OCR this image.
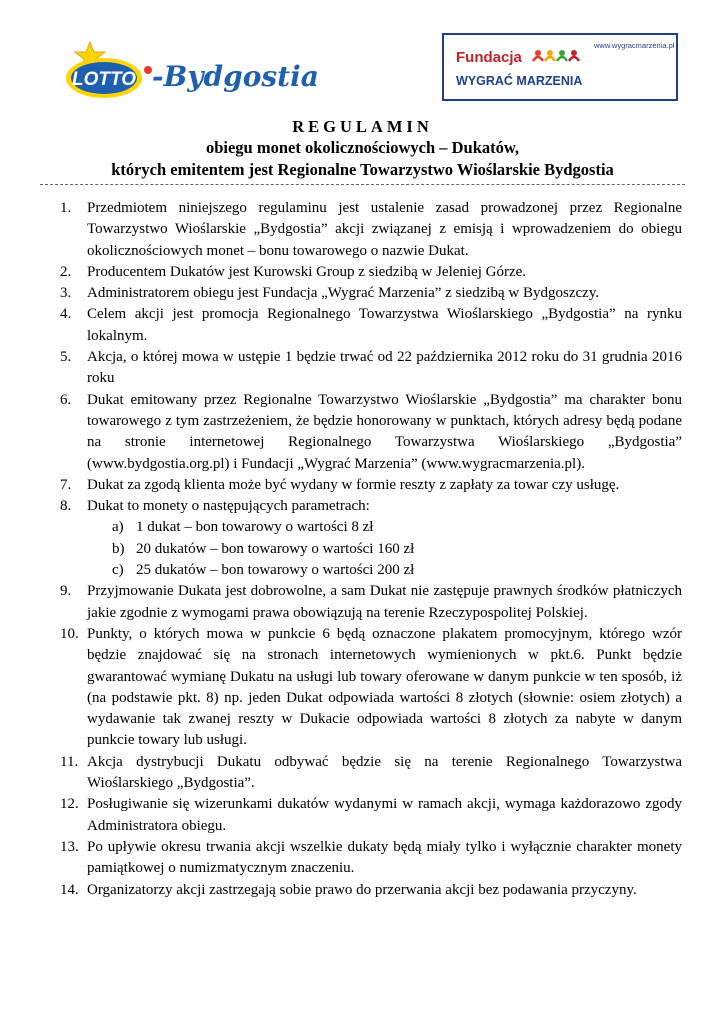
LOTTO -Bydgostia
Fundacja
www.wygracmarzenia.pl
WYGRAĆ MARZENIA
REGULAMIN
obiegu monet okolicznościowych – Dukatów,
których emitentem jest Regionalne Towarzystwo Wioślarskie Bydgostia

1. Przedmiotem niniejszego regulaminu jest ustalenie zasad prowadzonej przez Regionalne Towarzystwo Wioślarskie „Bydgostia” akcji związanej z emisją i wprowadzeniem do obiegu okolicznościowych monet – bonu towarowego o nazwie Dukat.

2. Producentem Dukatów jest Kurowski Group z siedzibą w Jeleniej Górze.

3. Administratorem obiegu jest Fundacja „Wygrać Marzenia” z siedzibą w Bydgoszczy.

4. Celem akcji jest promocja Regionalnego Towarzystwa Wioślarskiego „Bydgostia” na rynku lokalnym.

5. Akcja, o której mowa w ustępie 1 będzie trwać od 22 października 2012 roku do 31 grudnia 2016 roku

6. Dukat emitowany przez Regionalne Towarzystwo Wioślarskie „Bydgostia” ma charakter bonu towarowego z tym zastrzeżeniem, że będzie honorowany w punktach, których adresy będą podane na stronie internetowej Regionalnego Towarzystwa Wioślarskiego „Bydgostia” (www.bydgostia.org.pl) i Fundacji „Wygrać Marzenia” (www.wygracmarzenia.pl).

7. Dukat za zgodą klienta może być wydany w formie reszty z zapłaty za towar czy usługę.

8. Dukat to monety o następujących parametrach:

a) 1 dukat – bon towarowy o wartości 8 zł

b) 20 dukatów – bon towarowy o wartości 160 zł

c) 25 dukatów – bon towarowy o wartości 200 zł

9. Przyjmowanie Dukata jest dobrowolne, a sam Dukat nie zastępuje prawnych środków płatniczych jakie zgodnie z wymogami prawa obowiązują na terenie Rzeczypospolitej Polskiej.

10. Punkty, o których mowa w punkcie 6 będą oznaczone plakatem promocyjnym, którego wzór będzie znajdować się na stronach internetowych wymienionych w pkt.6. Punkt będzie gwarantować wymianę Dukatu na usługi lub towary oferowane w danym punkcie w ten sposób, iż (na podstawie pkt. 8) np. jeden Dukat odpowiada wartości 8 złotych (słownie: osiem złotych) a wydawanie tak zwanej reszty w Dukacie odpowiada wartości 8 złotych za nabyte w danym punkcie towary lub usługi.

11. Akcja dystrybucji Dukatu odbywać będzie się na terenie Regionalnego Towarzystwa Wioślarskiego „Bydgostia”.

12. Posługiwanie się wizerunkami dukatów wydanymi w ramach akcji, wymaga każdorazowo zgody Administratora obiegu.

13. Po upływie okresu trwania akcji wszelkie dukaty będą miały tylko i wyłącznie charakter monety pamiątkowej o numizmatycznym znaczeniu.

14. Organizatorzy akcji zastrzegają sobie prawo do przerwania akcji bez podawania przyczyny.
